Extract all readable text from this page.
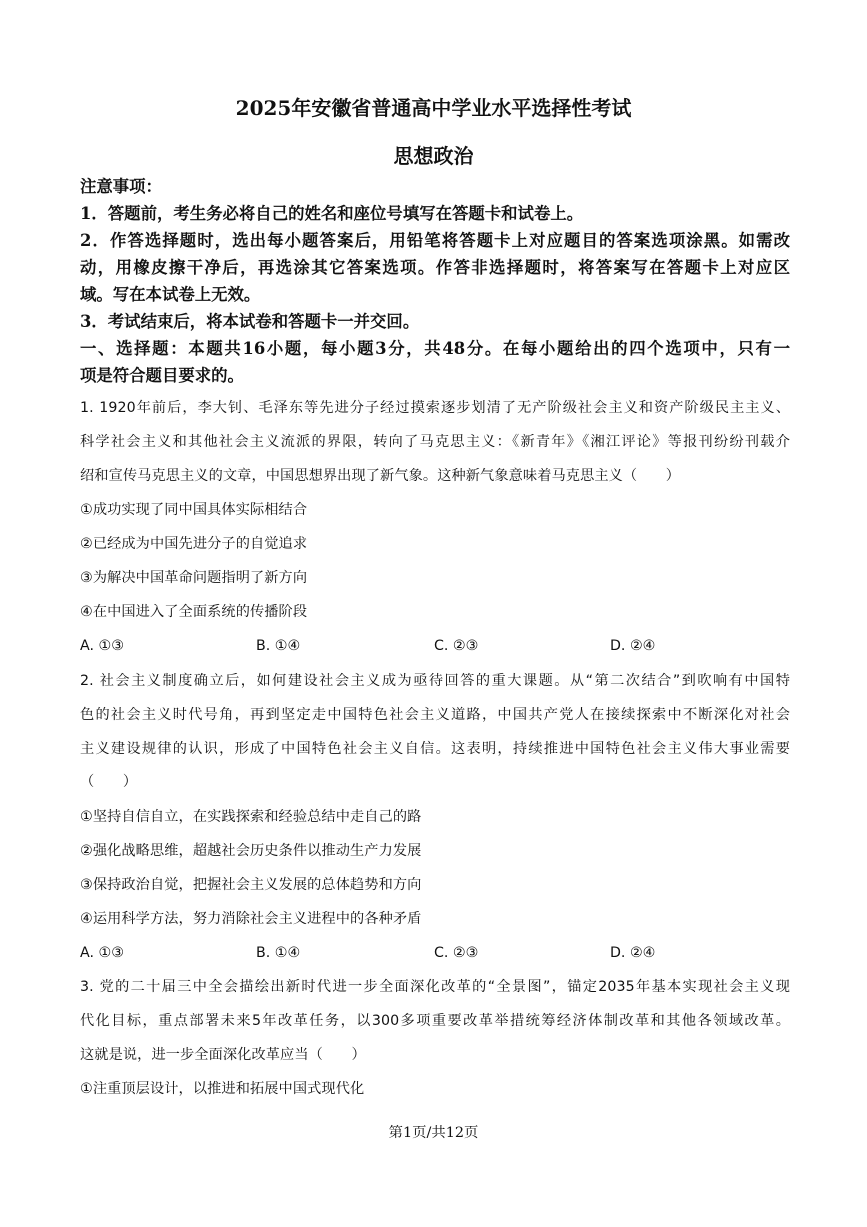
2025年安徽省普通高中学业水平选择性考试
思想政治
注意事项：
1．答题前，考生务必将自己的姓名和座位号填写在答题卡和试卷上。
2．作答选择题时，选出每小题答案后，用铅笔将答题卡上对应题目的答案选项涂黑。如需改
动，用橡皮擦干净后，再选涂其它答案选项。作答非选择题时，将答案写在答题卡上对应区
域。写在本试卷上无效。
3．考试结束后，将本试卷和答题卡一并交回。
一、选择题：本题共16小题，每小题3分，共48分。在每小题给出的四个选项中，只有一
项是符合题目要求的。
1. 1920年前后，李大钊、毛泽东等先进分子经过摸索逐步划清了无产阶级社会主义和资产阶级民主主义、
科学社会主义和其他社会主义流派的界限，转向了马克思主义：《新青年》《湘江评论》等报刊纷纷刊载介
绍和宣传马克思主义的文章，中国思想界出现了新气象。这种新气象意味着马克思主义（　　）
①成功实现了同中国具体实际相结合
②已经成为中国先进分子的自觉追求
③为解决中国革命问题指明了新方向
④在中国进入了全面系统的传播阶段
A. ①③	B. ①④	C. ②③	D. ②④
2. 社会主义制度确立后，如何建设社会主义成为亟待回答的重大课题。从“第二次结合”到吹响有中国特
色的社会主义时代号角，再到坚定走中国特色社会主义道路，中国共产党人在接续探索中不断深化对社会
主义建设规律的认识，形成了中国特色社会主义自信。这表明，持续推进中国特色社会主义伟大事业需要
（　　）
①坚持自信自立，在实践探索和经验总结中走自己的路
②强化战略思维，超越社会历史条件以推动生产力发展
③保持政治自觉，把握社会主义发展的总体趋势和方向
④运用科学方法，努力消除社会主义进程中的各种矛盾
A. ①③	B. ①④	C. ②③	D. ②④
3. 党的二十届三中全会描绘出新时代进一步全面深化改革的“全景图”，锚定2035年基本实现社会主义现
代化目标，重点部署未来5年改革任务，以300多项重要改革举措统筹经济体制改革和其他各领域改革。
这就是说，进一步全面深化改革应当（　　）
①注重顶层设计，以推进和拓展中国式现代化
第1页/共12页
